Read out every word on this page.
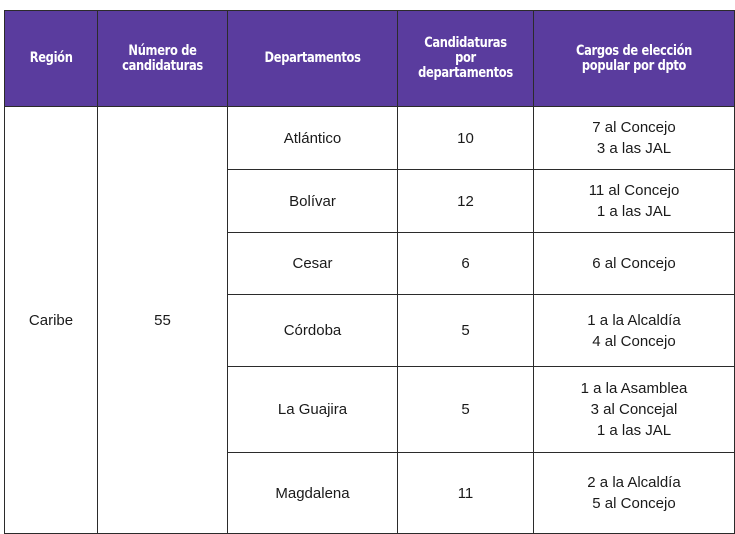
Región	Número de candidaturas	Departamentos	Candidaturas por departamentos	Cargos de elección popular por dpto
Caribe	55	Atlántico	10	7 al Concejo
3 a las JAL

		Bolívar	12	11 al Concejo
1 a las JAL

		Cesar	6	6 al Concejo

		Córdoba	5	1 a la Alcaldía
4 al Concejo

		La Guajira	5	1 a la Asamblea
3 al Concejal
1 a las JAL

		Magdalena	11	2 a la Alcaldía
5 al Concejo
